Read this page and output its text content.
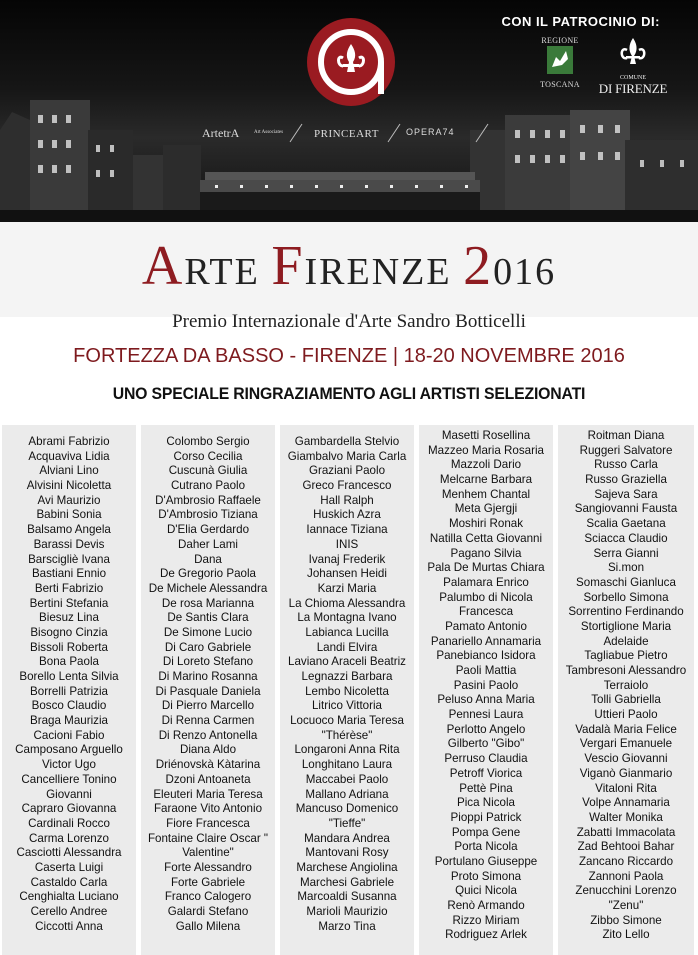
CON IL PATROCINIO DI:
REGIONE
TOSCANA
COMUNE
DI FIRENZE
ArtetrA	Art Associates	PRINCEART	OPERA74
ARTE FIRENZE 2016
Premio Internazionale d'Arte Sandro Botticelli
FORTEZZA DA BASSO - FIRENZE | 18-20 NOVEMBRE 2016
UNO SPECIALE RINGRAZIAMENTO AGLI ARTISTI SELEZIONATI
Abrami Fabrizio
Acquaviva Lidia
Alviani Lino
Alvisini Nicoletta
Avi Maurizio
Babini Sonia
Balsamo Angela
Barassi Devis
Barscigliè Ivana
Bastiani Ennio
Berti Fabrizio
Bertini Stefania
Biesuz Lina
Bisogno Cinzia
Bissoli Roberta
Bona Paola
Borello Lenta Silvia
Borrelli Patrizia
Bosco Claudio
Braga Maurizia
Cacioni Fabio
Camposano Arguello
Victor Ugo
Cancelliere Tonino
Giovanni
Capraro Giovanna
Cardinali Rocco
Carma Lorenzo
Casciotti Alessandra
Caserta Luigi
Castaldo Carla
Cenghialta Luciano
Cerello Andree
Ciccotti Anna
Colombo Sergio
Corso Cecilia
Cuscunà Giulia
Cutrano Paolo
D'Ambrosio Raffaele
D'Ambrosio Tiziana
D'Elia Gerdardo
Daher Lami
Dana
De Gregorio Paola
De Michele Alessandra
De rosa Marianna
De Santis Clara
De Simone Lucio
Di Caro Gabriele
Di Loreto Stefano
Di Marino Rosanna
Di Pasquale Daniela
Di Pierro Marcello
Di Renna Carmen
Di Renzo Antonella
Diana Aldo
Driénovskà Kàtarina
Dzoni Antoaneta
Eleuteri Maria Teresa
Faraone Vito Antonio
Fiore Francesca
Fontaine Claire Oscar "
Valentine"
Forte Alessandro
Forte Gabriele
Franco Calogero
Galardi Stefano
Gallo Milena
Gambardella Stelvio
Giambalvo Maria Carla
Graziani Paolo
Greco Francesco
Hall Ralph
Huskich Azra
Iannace Tiziana
INIS
Ivanaj Frederik
Johansen Heidi
Karzi Maria
La Chioma Alessandra
La Montagna Ivano
Labianca Lucilla
Landi Elvira
Laviano Araceli Beatriz
Legnazzi Barbara
Lembo Nicoletta
Litrico Vittoria
Locuoco Maria Teresa
"Thérèse"
Longaroni Anna Rita
Longhitano Laura
Maccabei Paolo
Mallano Adriana
Mancuso Domenico
"Tieffe"
Mandara Andrea
Mantovani Rosy
Marchese Angiolina
Marchesi Gabriele
Marcoaldi Susanna
Marioli Maurizio
Marzo Tina
Masetti Rosellina
Mazzeo Maria Rosaria
Mazzoli Dario
Melcarne Barbara
Menhem Chantal
Meta Gjergji
Moshiri Ronak
Natilla Cetta Giovanni
Pagano Silvia
Pala De Murtas Chiara
Palamara Enrico
Palumbo di Nicola
Francesca
Pamato Antonio
Panariello Annamaria
Panebianco Isidora
Paoli Mattia
Pasini Paolo
Peluso Anna Maria
Pennesi Laura
Perlotto Angelo
Gilberto "Gibo"
Perruso Claudia
Petroff Viorica
Pettè Pina
Pica Nicola
Pioppi Patrick
Pompa Gene
Porta Nicola
Portulano Giuseppe
Proto Simona
Quici Nicola
Renò Armando
Rizzo Miriam
Rodriguez Arlek
Roitman Diana
Ruggeri Salvatore
Russo Carla
Russo Graziella
Sajeva Sara
Sangiovanni Fausta
Scalia Gaetana
Sciacca Claudio
Serra Gianni
Si.mon
Somaschi Gianluca
Sorbello Simona
Sorrentino Ferdinando
Stortiglione Maria
Adelaide
Tagliabue Pietro
Tambresoni Alessandro
Terraiolo
Tolli Gabriella
Uttieri Paolo
Vadalà Maria Felice
Vergari Emanuele
Vescio Giovanni
Viganò Gianmario
Vitaloni Rita
Volpe Annamaria
Walter Monika
Zabatti Immacolata
Zad Behtooi Bahar
Zancano Riccardo
Zannoni Paola
Zenucchini Lorenzo
"Zenu"
Zibbo Simone
Zito Lello
